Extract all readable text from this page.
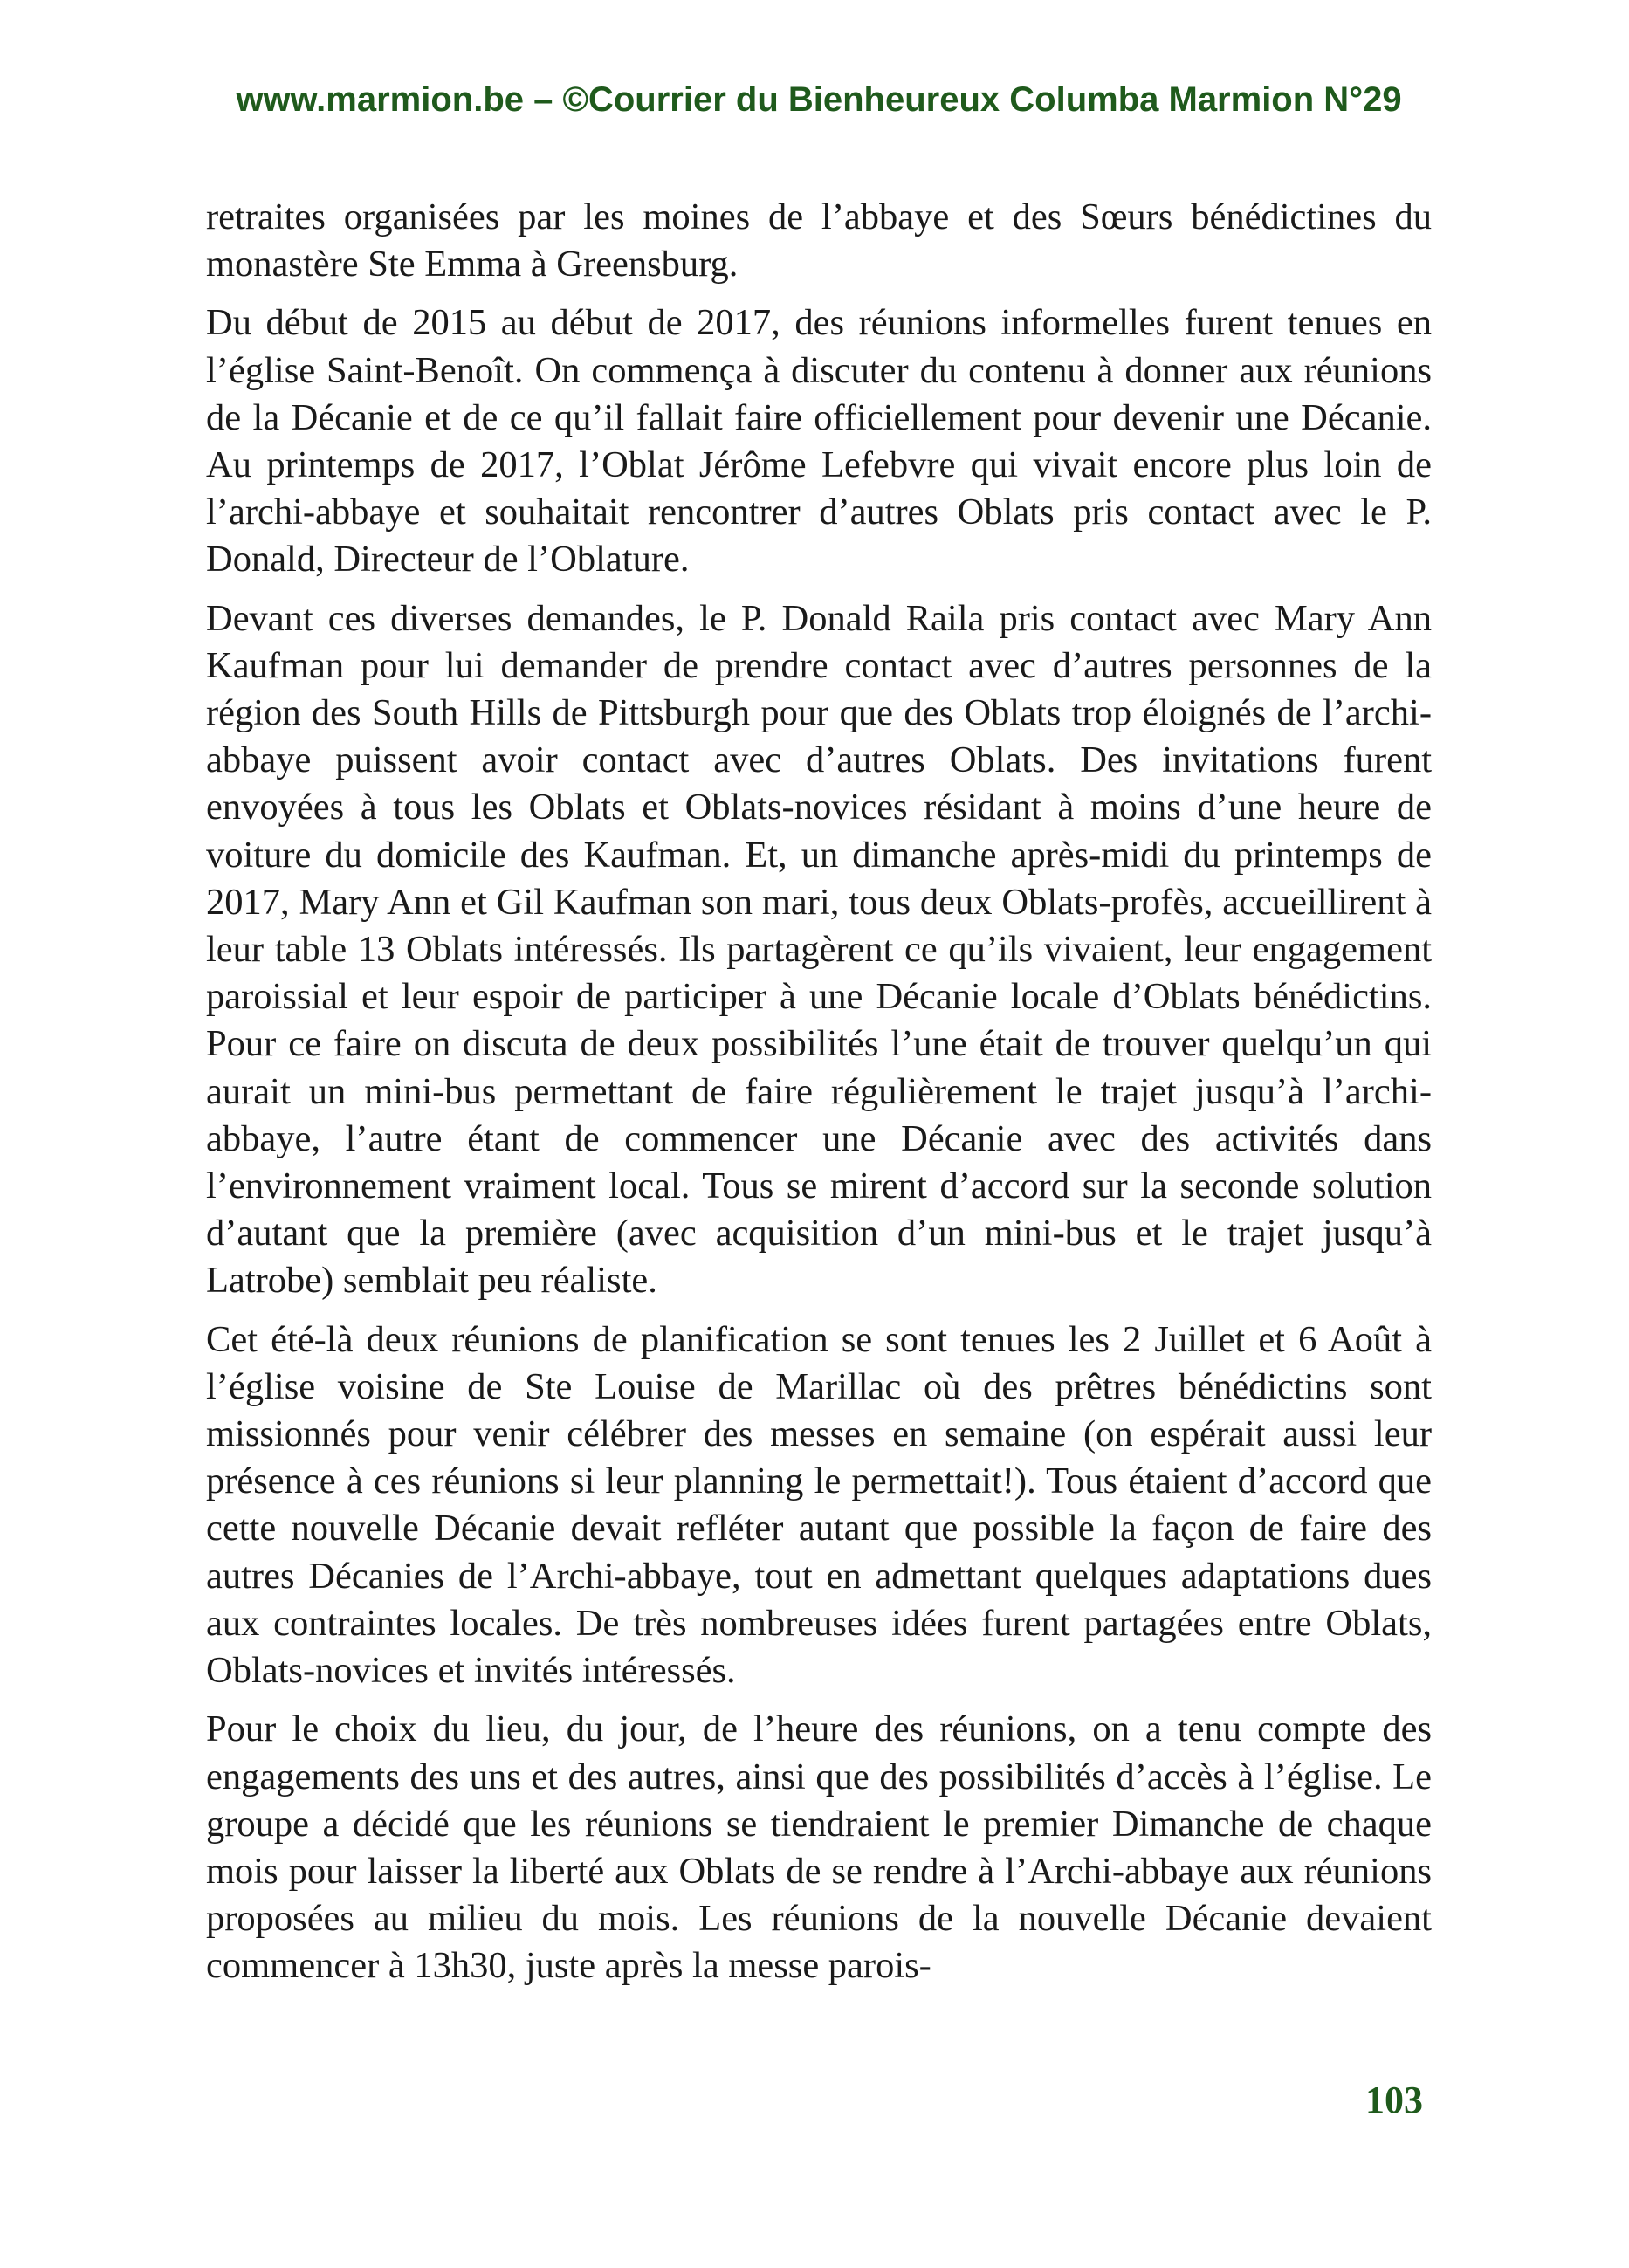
www.marmion.be – ©Courrier du Bienheureux Columba Marmion N°29

retraites organisées par les moines de l’abbaye et des Sœurs bénédictines du monastère Ste Emma à Greensburg.

Du début de 2015 au début de 2017, des réunions informelles furent tenues en l’église Saint-Benoît. On commença à discuter du contenu à donner aux réunions de la Décanie et de ce qu’il fallait faire officiellement pour devenir une Décanie. Au printemps de 2017, l’Oblat Jérôme Lefebvre qui vivait encore plus loin de l’archi-abbaye et souhaitait rencontrer d’autres Oblats pris contact avec le P. Donald, Directeur de l’Oblature.

Devant ces diverses demandes, le P. Donald Raila pris contact avec Mary Ann Kaufman pour lui demander de prendre contact avec d’autres personnes de la région des South Hills de Pittsburgh pour que des Oblats trop éloignés de l’archi-abbaye puissent avoir contact avec d’autres Oblats. Des invitations furent envoyées à tous les Oblats et Oblats-novices résidant à moins d’une heure de voiture du domicile des Kaufman. Et, un dimanche après-midi du printemps de 2017, Mary Ann et Gil Kaufman son mari, tous deux Oblats-profès, accueillirent à leur table 13 Oblats intéressés. Ils partagèrent ce qu’ils vivaient, leur engagement paroissial et leur espoir de participer à une Décanie locale d’Oblats bénédictins. Pour ce faire on discuta de deux possibilités l’une était de trouver quelqu’un qui aurait un mini-bus permettant de faire régulièrement le trajet jusqu’à l’archi-abbaye, l’autre étant de commencer une Décanie avec des activités dans l’environnement vraiment local. Tous se mirent d’accord sur la seconde solution d’autant que la première (avec acquisition d’un mini-bus et le trajet jusqu’à Latrobe) semblait peu réaliste.

Cet été-là deux réunions de planification se sont tenues les 2 Juillet et 6 Août à l’église voisine de Ste Louise de Marillac où des prêtres bénédictins sont missionnés pour venir célébrer des messes en semaine (on espérait aussi leur présence à ces réunions si leur planning le permettait!). Tous étaient d’accord que cette nouvelle Décanie devait refléter autant que possible la façon de faire des autres Décanies de l’Archi-abbaye, tout en admettant quelques adaptations dues aux contraintes locales. De très nombreuses idées furent partagées entre Oblats, Oblats-novices et invités intéressés.

Pour le choix du lieu, du jour, de l’heure des réunions, on a tenu compte des engagements des uns et des autres, ainsi que des possibilités d’accès à l’église. Le groupe a décidé que les réunions se tiendraient le premier Dimanche de chaque mois pour laisser la liberté aux Oblats de se rendre à l’Archi-abbaye aux réunions proposées au milieu du mois. Les réunions de la nouvelle Décanie devaient commencer à 13h30, juste après la messe parois-

103
